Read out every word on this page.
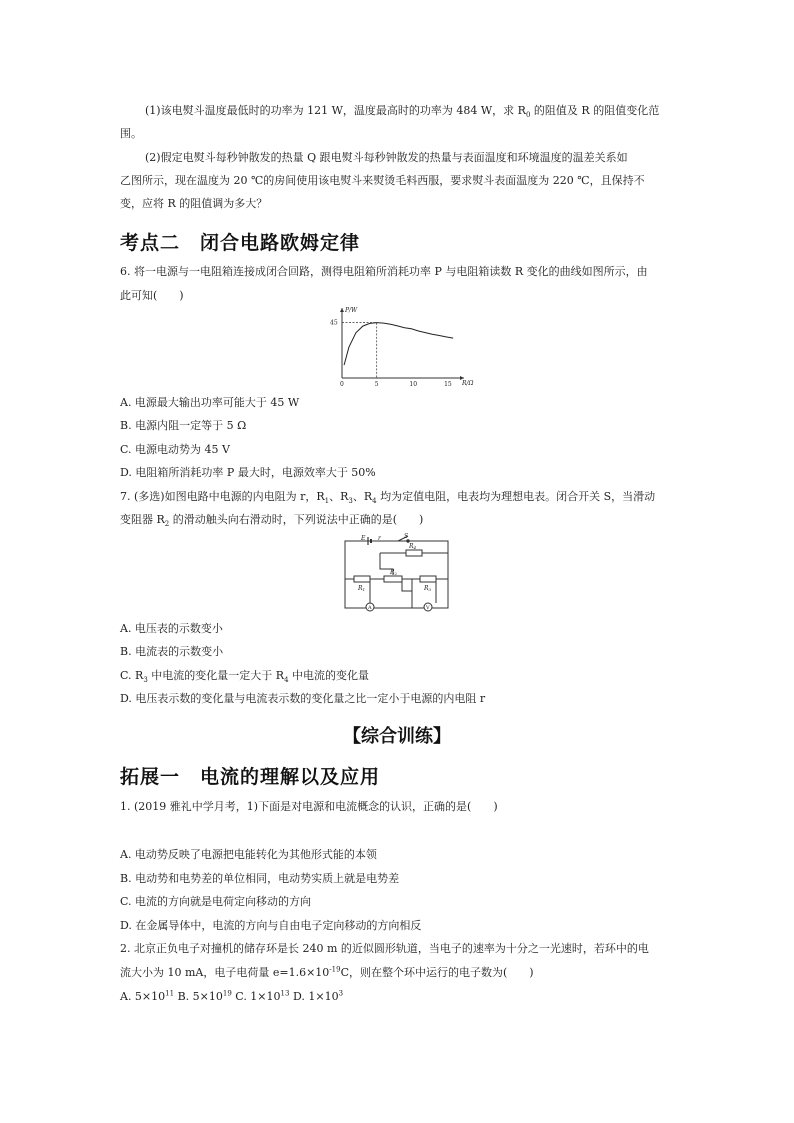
(1)该电熨斗温度最低时的功率为 121 W，温度最高时的功率为 484 W，求 $R_0$ 的阻值及 R 的阻值变化范
围。
(2)假定电熨斗每秒钟散发的热量 Q 跟电熨斗每秒钟散发的热量与表面温度和环境温度的温差关系如
乙图所示，现在温度为 20 ℃的房间使用该电熨斗来熨烫毛料西服，要求熨斗表面温度为 220 ℃，且保持不
变，应将 R 的阻值调为多大？
考点二　闭合电路欧姆定律
6. 将一电源与一电阻箱连接成闭合回路，测得电阻箱所消耗功率 P 与电阻箱读数 R 变化的曲线如图所示，由
此可知(　　)
P/W
R/Ω
0	5	10	15
45
A. 电源最大输出功率可能大于 45 W
B. 电源内阻一定等于 5 Ω
C. 电源电动势为 45 V
D. 电阻箱所消耗功率 P 最大时，电源效率大于 50%
7. (多选)如图电路中电源的内电阻为 r，$R_1$、$R_3$、$R_4$ 均为定值电阻，电表均为理想电表。闭合开关 S，当滑动
变阻器 $R_2$ 的滑动触头向右滑动时，下列说法中正确的是(　　)
E r	S
R4
R2
R1	R3
A	V
A. 电压表的示数变小
B. 电流表的示数变小
C. $R_3$ 中电流的变化量一定大于 $R_4$ 中电流的变化量
D. 电压表示数的变化量与电流表示数的变化量之比一定小于电源的内电阻 r
【综合训练】
拓展一　电流的理解以及应用
1. (2019 雅礼中学月考，1)下面是对电源和电流概念的认识，正确的是(　　)
A. 电动势反映了电源把电能转化为其他形式能的本领
B. 电动势和电势差的单位相同，电动势实质上就是电势差
C. 电流的方向就是电荷定向移动的方向
D. 在金属导体中，电流的方向与自由电子定向移动的方向相反
2. 北京正负电子对撞机的储存环是长 240 m 的近似圆形轨道，当电子的速率为十分之一光速时，若环中的电
流大小为 10 mA，电子电荷量 $e=1.6\times 10^{-19}C$，则在整个环中运行的电子数为(　　)
A. $5\times 10^{11}$ B. $5\times 10^{19}$ C. $1\times 10^{13}$ D. $1\times 10^3$
